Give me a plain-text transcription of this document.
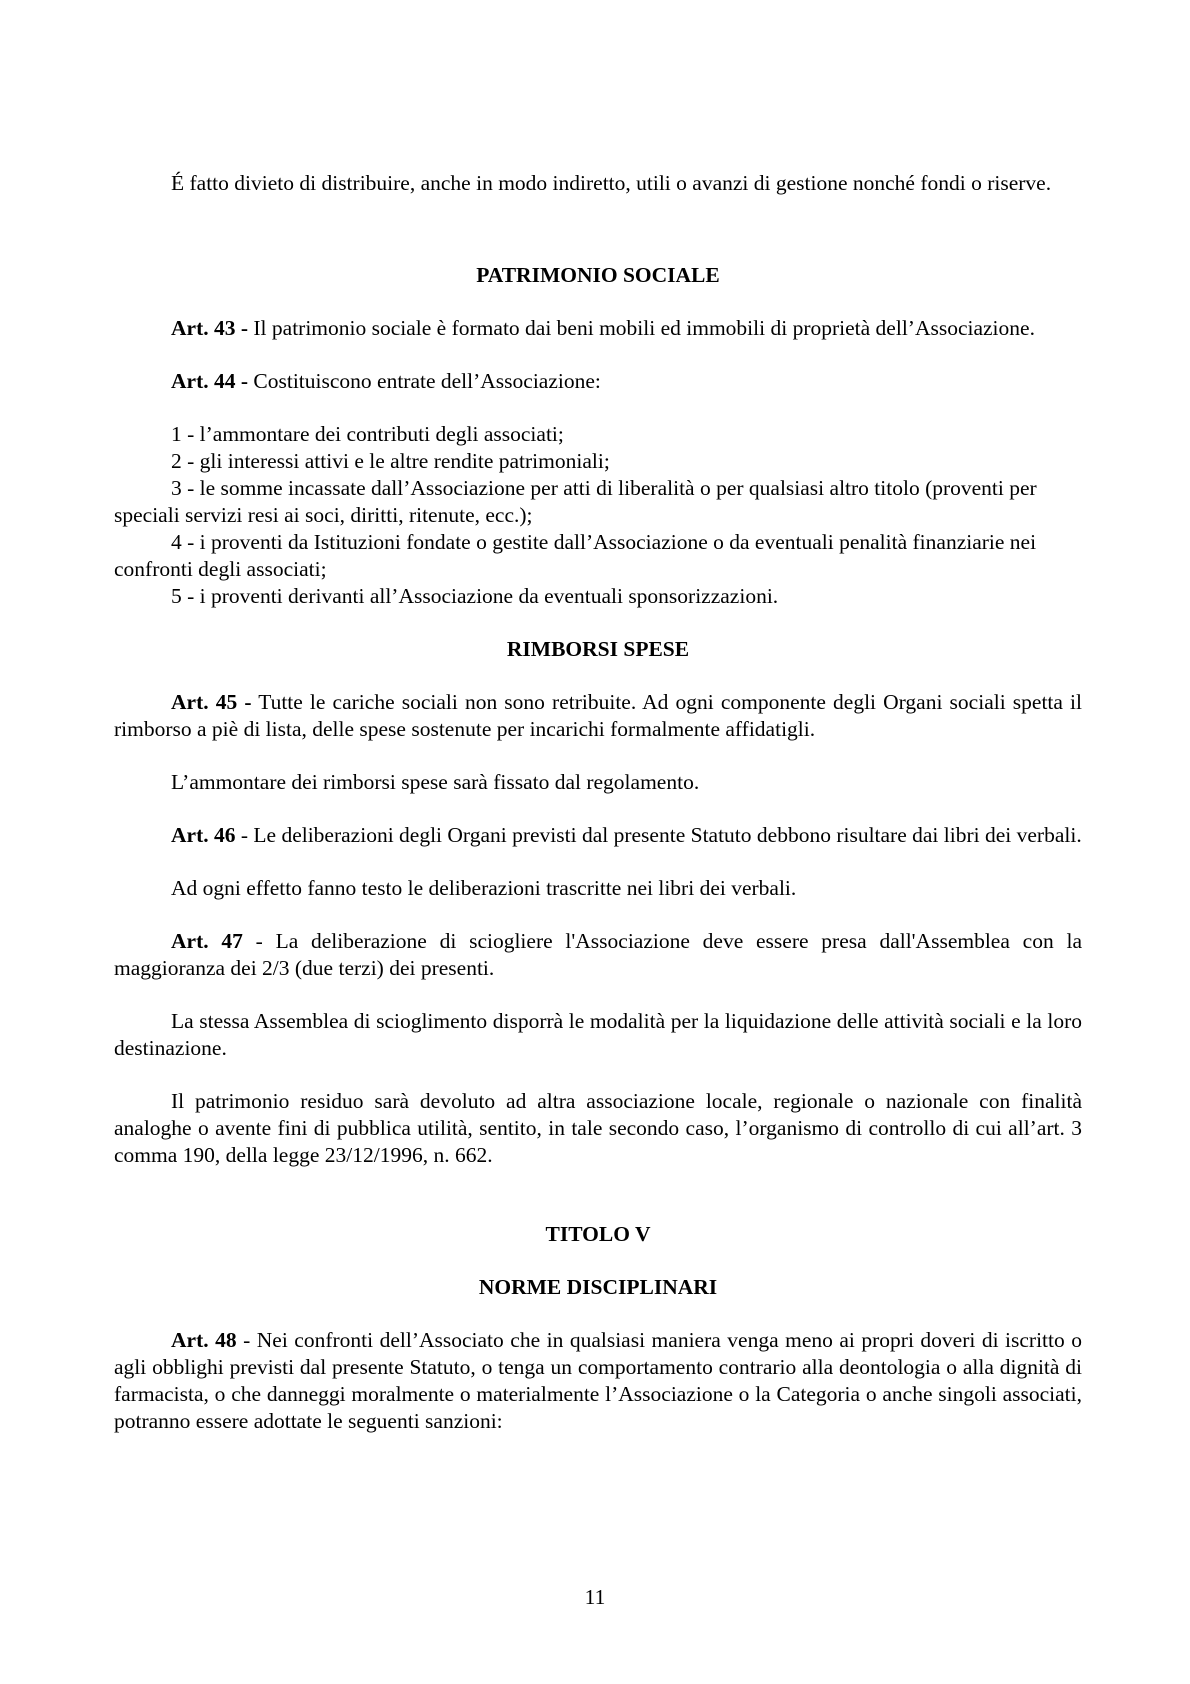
É fatto divieto di distribuire, anche in modo indiretto, utili o avanzi di gestione nonché fondi o riserve.

PATRIMONIO SOCIALE

Art. 43 - Il patrimonio sociale è formato dai beni mobili ed immobili di proprietà dell’Associazione.

Art. 44 - Costituiscono entrate dell’Associazione:

1 - l’ammontare dei contributi degli associati;

2 - gli interessi attivi e le altre rendite patrimoniali;

3 - le somme incassate dall’Associazione per atti di liberalità o per qualsiasi altro titolo (proventi per speciali servizi resi ai soci, diritti, ritenute, ecc.);

4 - i proventi da Istituzioni fondate o gestite dall’Associazione o da eventuali penalità finanziarie nei confronti degli associati;

5 - i proventi derivanti all’Associazione da eventuali sponsorizzazioni.

RIMBORSI SPESE

Art. 45 - Tutte le cariche sociali non sono retribuite. Ad ogni componente degli Organi sociali spetta il rimborso a piè di lista, delle spese sostenute per incarichi formalmente affidatigli.

L’ammontare dei rimborsi spese sarà fissato dal regolamento.

Art. 46 - Le deliberazioni degli Organi previsti dal presente Statuto debbono risultare dai libri dei verbali.

Ad ogni effetto fanno testo le deliberazioni trascritte nei libri dei verbali.

Art. 47 - La deliberazione di sciogliere l'Associazione deve essere presa dall'Assemblea con la maggioranza dei 2/3 (due terzi) dei presenti.

La stessa Assemblea di scioglimento disporrà le modalità per la liquidazione delle attività sociali e la loro destinazione.

Il patrimonio residuo sarà devoluto ad altra associazione locale, regionale o nazionale con finalità analoghe o avente fini di pubblica utilità, sentito, in tale secondo caso, l’organismo di controllo di cui all’art. 3 comma 190, della legge 23/12/1996, n. 662.

TITOLO V
NORME DISCIPLINARI

Art. 48 - Nei confronti dell’Associato che in qualsiasi maniera venga meno ai propri doveri di iscritto o agli obblighi previsti dal presente Statuto, o tenga un comportamento contrario alla deontologia o alla dignità di farmacista, o che danneggi moralmente o materialmente l’Associazione o la Categoria o anche singoli associati, potranno essere adottate le seguenti sanzioni:

11
